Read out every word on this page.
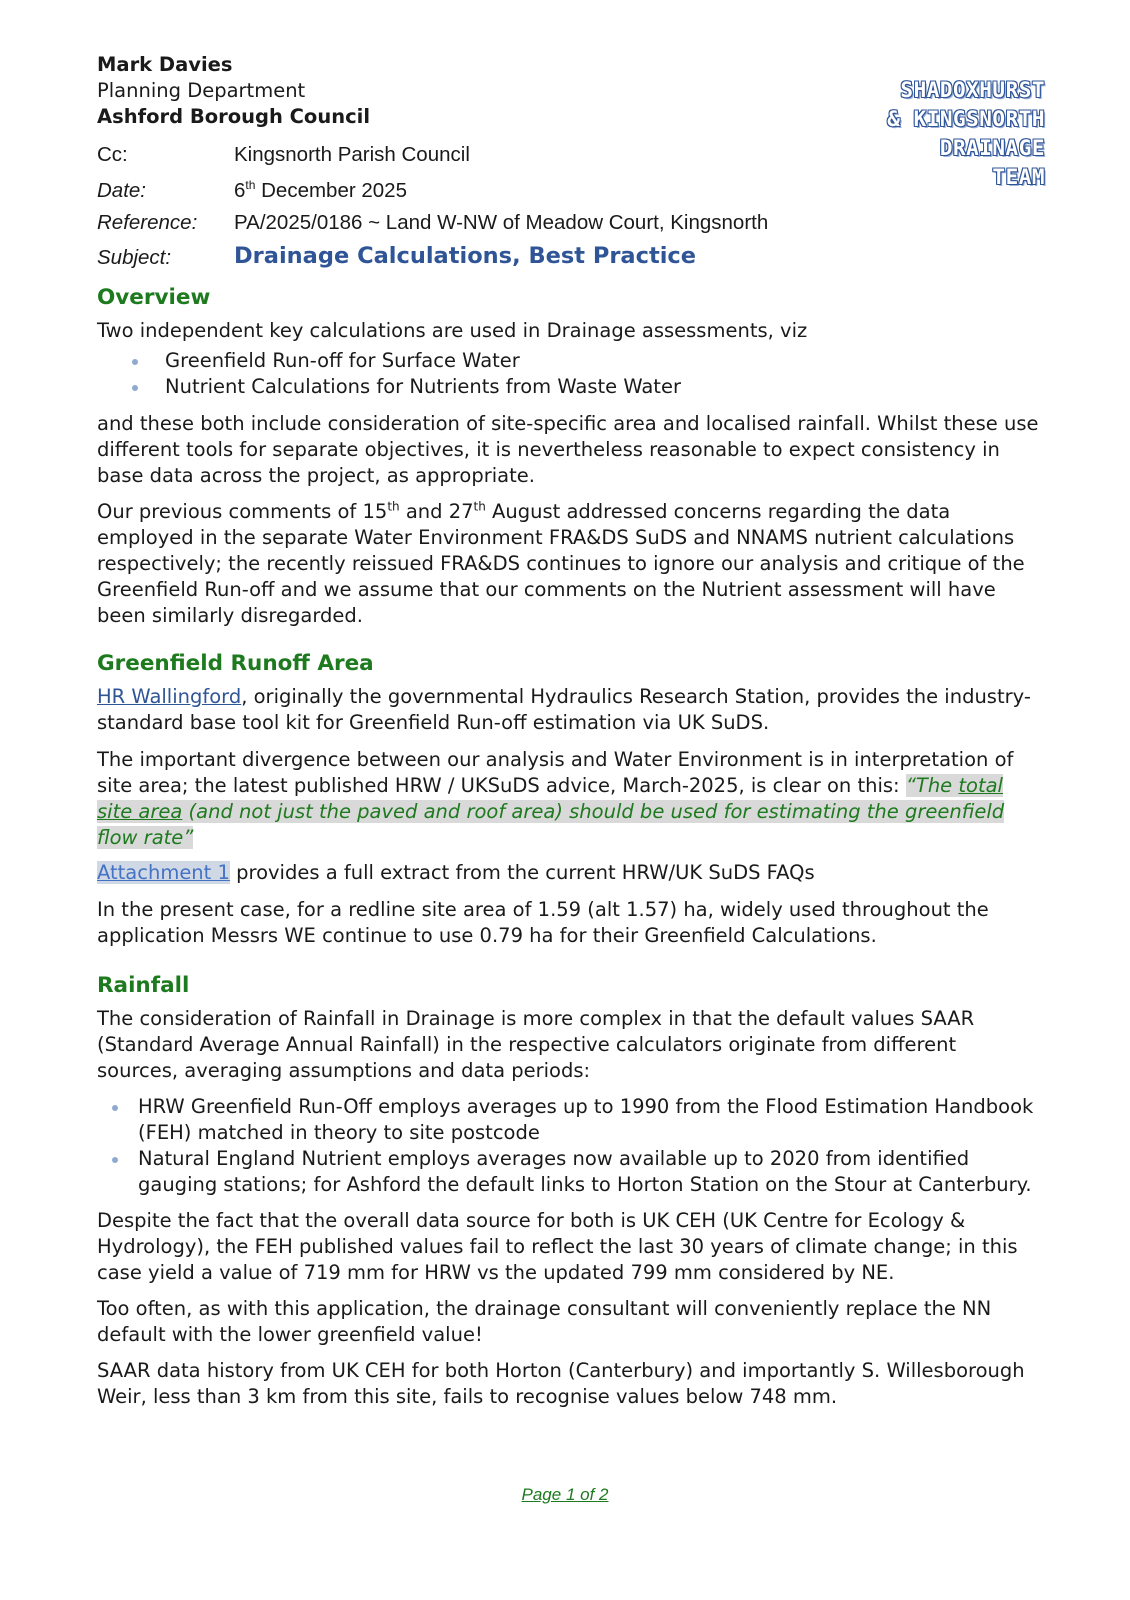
Mark Davies
Planning Department
Ashford Borough Council
SHADOXHURST
& KINGSNORTH
DRAINAGE
TEAM
Cc:	Kingsnorth Parish Council
Date:	6th December 2025
Reference: PA/2025/0186 ~ Land W-NW of Meadow Court, Kingsnorth
Subject:	Drainage Calculations, Best Practice
Overview
Two independent key calculations are used in Drainage assessments, viz
Greenfield Run-off for Surface Water
Nutrient Calculations for Nutrients from Waste Water

and these both include consideration of site-specific area and localised rainfall. Whilst these use

different tools for separate objectives, it is nevertheless reasonable to expect consistency in

base data across the project, as appropriate.

Our previous comments of 15th and 27th August addressed concerns regarding the data

employed in the separate Water Environment FRA&DS SuDS and NNAMS nutrient calculations

respectively; the recently reissued FRA&DS continues to ignore our analysis and critique of the

Greenfield Run-off and we assume that our comments on the Nutrient assessment will have

been similarly disregarded.

Greenfield Runoff Area

HR Wallingford, originally the governmental Hydraulics Research Station, provides the industry-

standard base tool kit for Greenfield Run-off estimation via UK SuDS.

The important divergence between our analysis and Water Environment is in interpretation of

site area; the latest published HRW / UKSuDS advice, March-2025, is clear on this: “The total

site area (and not just the paved and roof area) should be used for estimating the greenfield

flow rate”

Attachment 1 provides a full extract from the current HRW/UK SuDS FAQs

In the present case, for a redline site area of 1.59 (alt 1.57) ha, widely used throughout the

application Messrs WE continue to use 0.79 ha for their Greenfield Calculations.

Rainfall

The consideration of Rainfall in Drainage is more complex in that the default values SAAR

(Standard Average Annual Rainfall) in the respective calculators originate from different

sources, averaging assumptions and data periods:

HRW Greenfield Run-Off employs averages up to 1990 from the Flood Estimation Handbook
(FEH) matched in theory to site postcode
Natural England Nutrient employs averages now available up to 2020 from identified
gauging stations; for Ashford the default links to Horton Station on the Stour at Canterbury.

Despite the fact that the overall data source for both is UK CEH (UK Centre for Ecology &

Hydrology), the FEH published values fail to reflect the last 30 years of climate change; in this

case yield a value of 719 mm for HRW vs the updated 799 mm considered by NE.

Too often, as with this application, the drainage consultant will conveniently replace the NN

default with the lower greenfield value!

SAAR data history from UK CEH for both Horton (Canterbury) and importantly S. Willesborough

Weir, less than 3 km from this site, fails to recognise values below 748 mm.

Page 1 of 2
